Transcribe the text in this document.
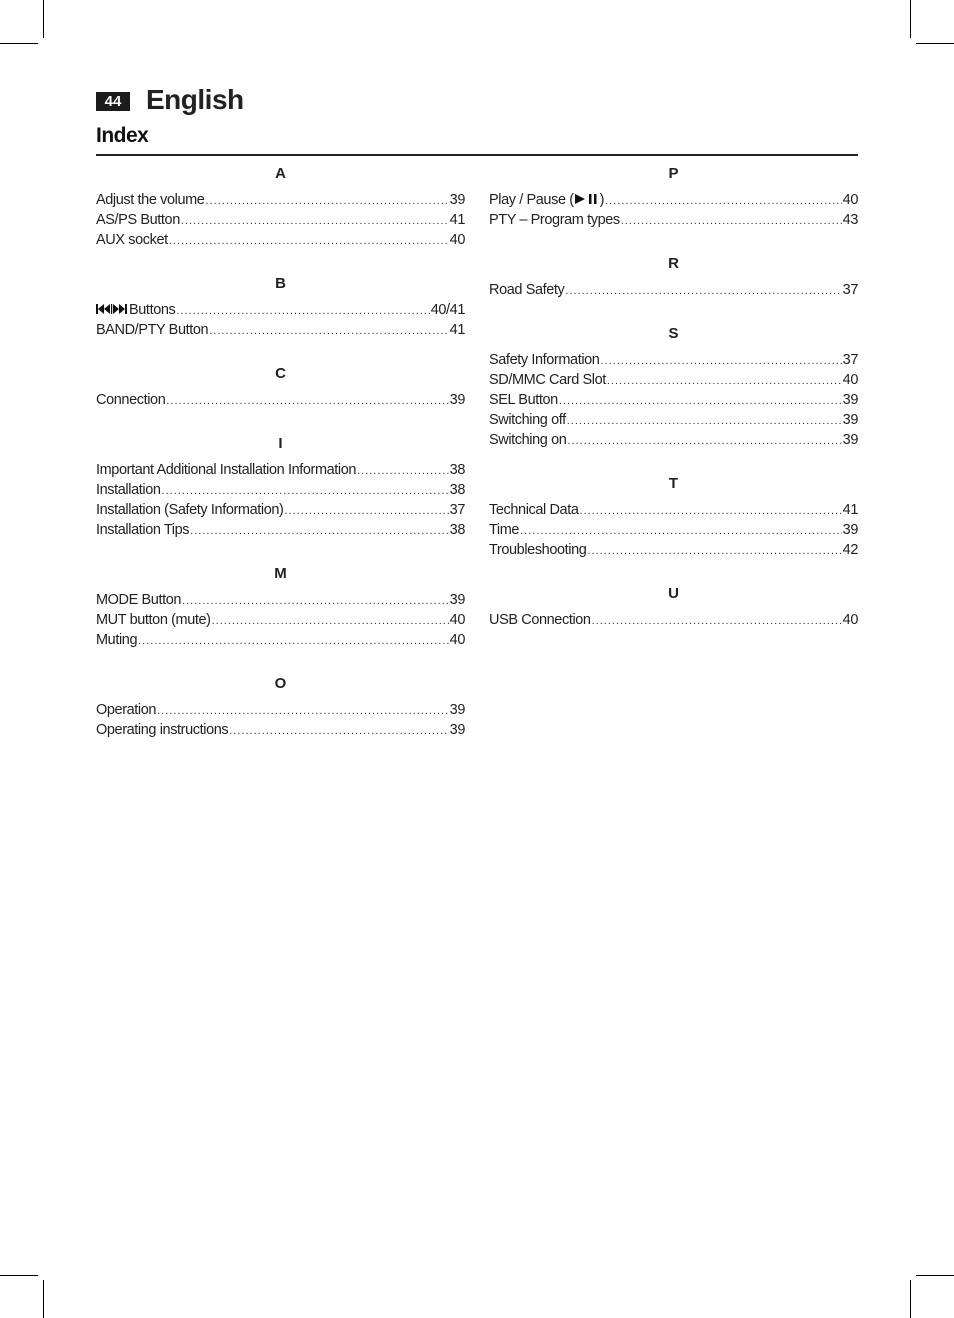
44 English
Index
A
Adjust the volume .....	39
AS/PS Button .....	41
AUX socket .....	40
B
Buttons .....	40/41
BAND/PTY Button .....	41
C
Connection .....	39
I
Important Additional Installation Information .....	38
Installation .....	38
Installation (Safety Information) .....	37
Installation Tips .....	38
M
MODE Button .....	39
MUT button (mute) .....	40
Muting .....	40
O
Operation .....	39
Operating instructions .....	39
P
Play / Pause ( ) .....	40
PTY – Program types .....	43
R
Road Safety .....	37
S
Safety Information .....	37
SD/MMC Card Slot .....	40
SEL Button .....	39
Switching off .....	39
Switching on .....	39
T
Technical Data .....	41
Time .....	39
Troubleshooting .....	42
U
USB Connection .....	40
